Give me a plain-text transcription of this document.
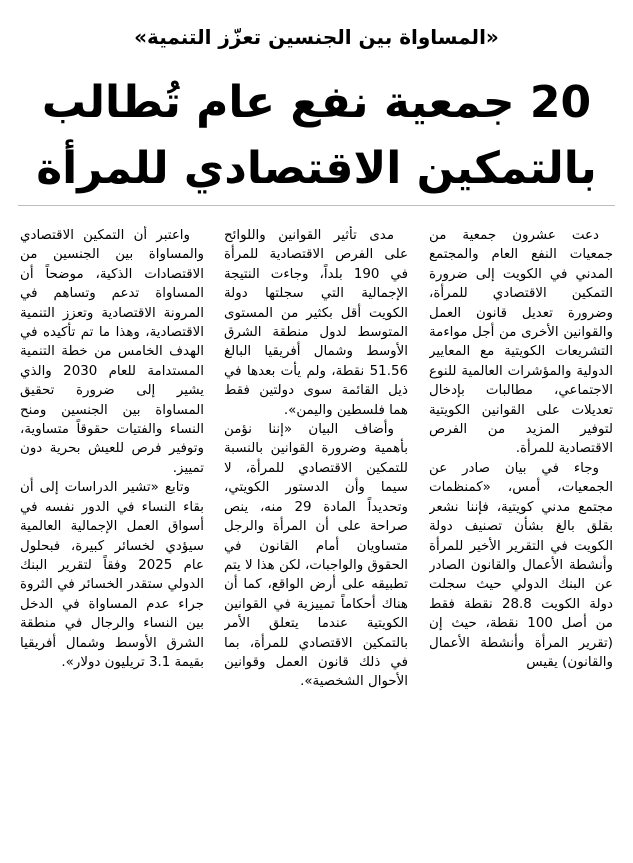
«المساواة بين الجنسين تعزّز التنمية»
20 جمعية نفع عام تُطالب
بالتمكين الاقتصادي للمرأة

دعت عشرون جمعية من جمعيات النفع العام والمجتمع المدني في الكويت إلى ضرورة التمكين الاقتصادي للمرأة، وضرورة تعديل قانون العمل والقوانين الأخرى من أجل مواءمة التشريعات الكويتية مع المعايير الدولية والمؤشرات العالمية للنوع الاجتماعي، مطالبات بإدخال تعديلات على القوانين الكويتية لتوفير المزيد من الفرص الاقتصادية للمرأة.

وجاء في بيان صادر عن الجمعيات، أمس، «كمنظمات مجتمع مدني كويتية، فإننا نشعر بقلق بالغ بشأن تصنيف دولة الكويت في التقرير الأخير للمرأة وأنشطة الأعمال والقانون الصادر عن البنك الدولي حيث سجلت دولة الكويت 28.8 نقطة فقط من أصل 100 نقطة، حيث إن (تقرير المرأة وأنشطة الأعمال والقانون) يقيس

مدى تأثير القوانين واللوائح على الفرص الاقتصادية للمرأة في 190 بلداً، وجاءت النتيجة الإجمالية التي سجلتها دولة الكويت أقل بكثير من المستوى المتوسط لدول منطقة الشرق الأوسط وشمال أفريقيا البالغ 51.56 نقطة، ولم يأت بعدها في ذيل القائمة سوى دولتين فقط هما فلسطين واليمن».

وأضاف البيان «إننا نؤمن بأهمية وضرورة القوانين بالنسبة للتمكين الاقتصادي للمرأة، لا سيما وأن الدستور الكويتي، وتحديداً المادة 29 منه، ينص صراحة على أن المرأة والرجل متساويان أمام القانون في الحقوق والواجبات، لكن هذا لا يتم تطبيقه على أرض الواقع، كما أن هناك أحكاماً تمييزية في القوانين الكويتية عندما يتعلق الأمر بالتمكين الاقتصادي للمرأة، بما في ذلك قانون العمل وقوانين الأحوال الشخصية».

واعتبر أن التمكين الاقتصادي والمساواة بين الجنسين من الاقتصادات الذكية، موضحاً أن المساواة تدعم وتساهم في المرونة الاقتصادية وتعزز التنمية الاقتصادية، وهذا ما تم تأكيده في الهدف الخامس من خطة التنمية المستدامة للعام 2030 والذي يشير إلى ضرورة تحقيق المساواة بين الجنسين ومنح النساء والفتيات حقوقاً متساوية، وتوفير فرص للعيش بحرية دون تمييز.

وتابع «تشير الدراسات إلى أن بقاء النساء في الدور نفسه في أسواق العمل الإجمالية العالمية سيؤدي لخسائر كبيرة، فبحلول عام 2025 وفقاً لتقرير البنك الدولي ستقدر الخسائر في الثروة جراء عدم المساواة في الدخل بين النساء والرجال في منطقة الشرق الأوسط وشمال أفريقيا بقيمة 3.1 تريليون دولار».
